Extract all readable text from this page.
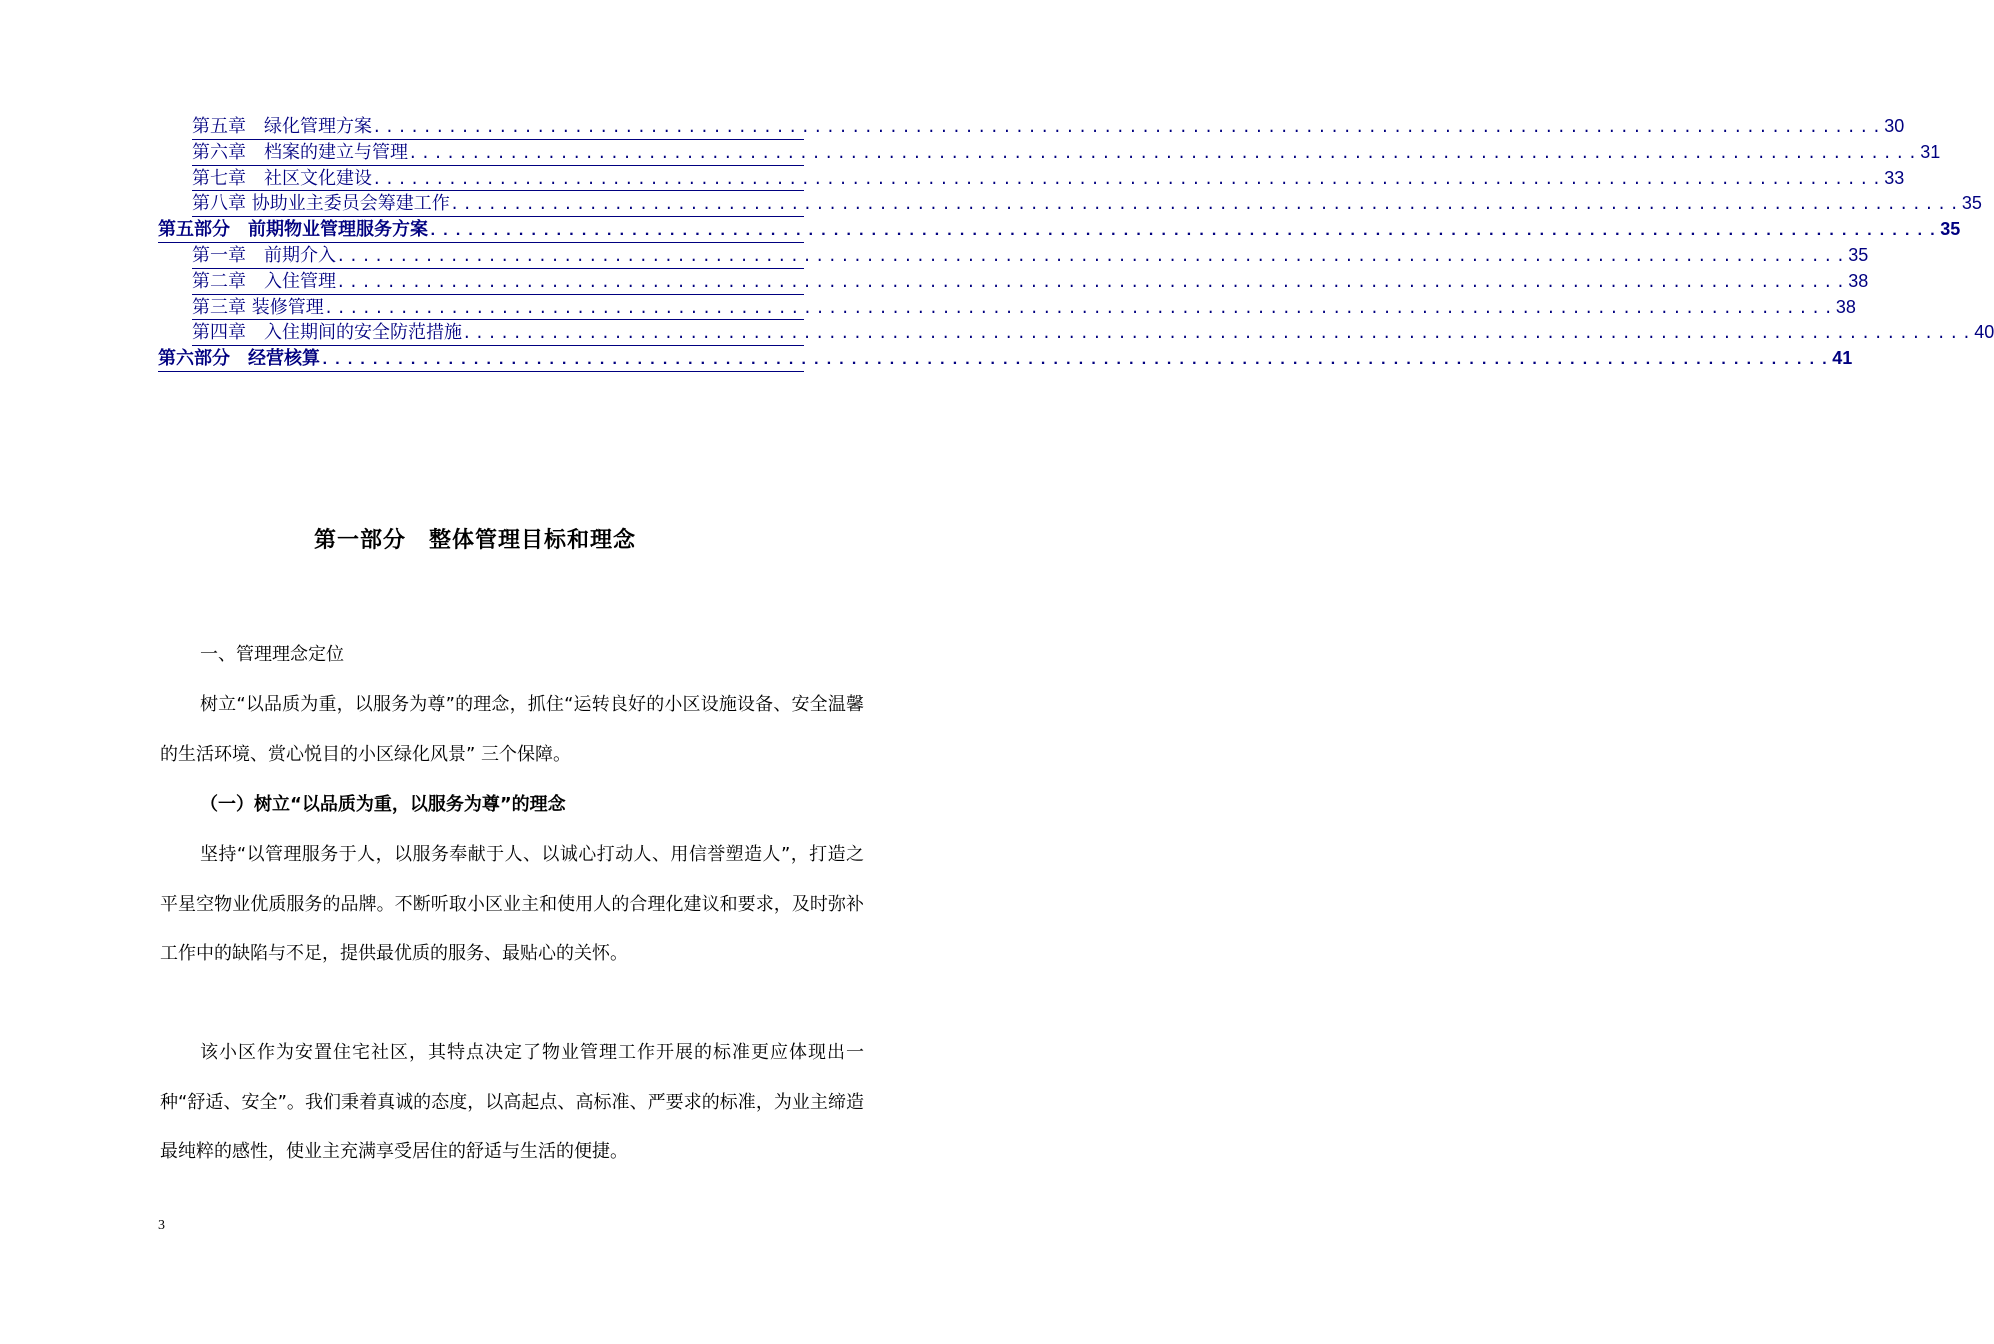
第五章　绿化管理方案 ........................................................................................................................ 30
第六章　档案的建立与管理 ........................................................................................................................ 31
第七章　社区文化建设 ........................................................................................................................ 33
第八章 协助业主委员会筹建工作 ........................................................................................................................ 35
第五部分　前期物业管理服务方案 ........................................................................................................................ 35
第一章　前期介入 ........................................................................................................................ 35
第二章　入住管理 ........................................................................................................................ 38
第三章 装修管理 ........................................................................................................................ 38
第四章　入住期间的安全防范措施 ........................................................................................................................ 40
第六部分　经营核算 ........................................................................................................................ 41
第一部分　整体管理目标和理念
一、管理理念定位
树立“以品质为重，以服务为尊”的理念，抓住“运转良好的小区设施设备、安全温馨的生活环境、赏心悦目的小区绿化风景” 三个保障。
（一）树立“以品质为重，以服务为尊”的理念
坚持“以管理服务于人，以服务奉献于人、以诚心打动人、用信誉塑造人”，打造之平星空物业优质服务的品牌。不断听取小区业主和使用人的合理化建议和要求，及时弥补工作中的缺陷与不足，提供最优质的服务、最贴心的关怀。
该小区作为安置住宅社区，其特点决定了物业管理工作开展的标准更应体现出一种“舒适、安全”。我们秉着真诚的态度，以高起点、高标准、严要求的标准，为业主缔造最纯粹的感性，使业主充满享受居住的舒适与生活的便捷。
3
